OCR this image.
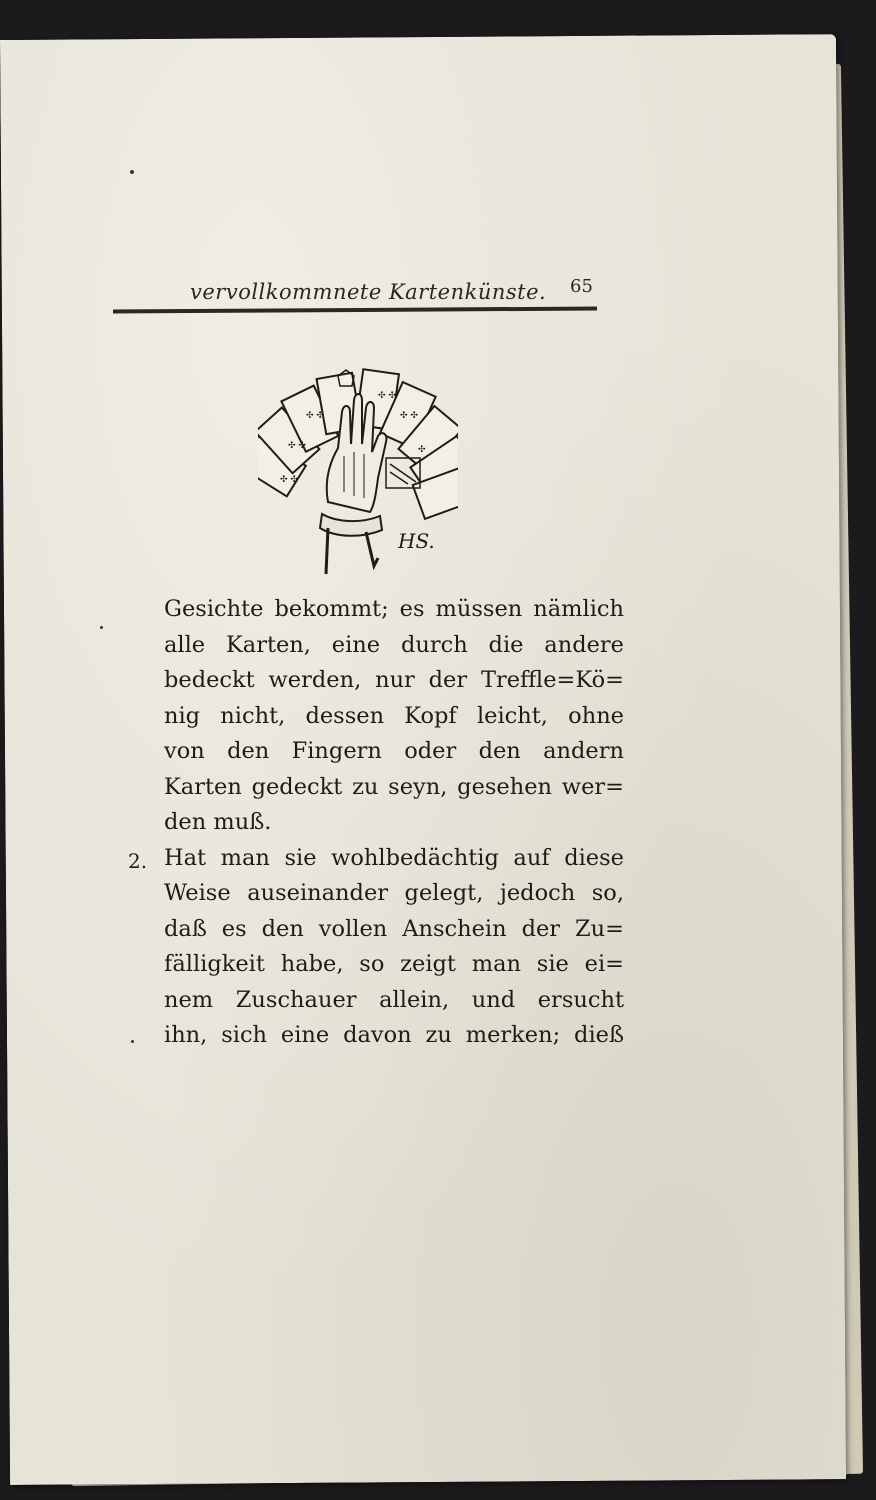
vervollkommnete Kartenkünste. 65
✣ ✣
✣ ✣
✣ ✣
✣ ✣
✣ ✣
✣
HS.
Gesichte bekommt; es müssen nämlich
alle Karten, eine durch die andere
bedeckt werden, nur der Treffle=Kö=
nig nicht, dessen Kopf leicht, ohne
von den Fingern oder den andern
Karten gedeckt zu seyn, gesehen wer=
den muß.
Hat man sie wohlbedächtig auf diese
Weise auseinander gelegt, jedoch so,
daß es den vollen Anschein der Zu=
fälligkeit habe, so zeigt man sie ei=
nem Zuschauer allein, und ersucht
ihn, sich eine davon zu merken; dieß
2.
